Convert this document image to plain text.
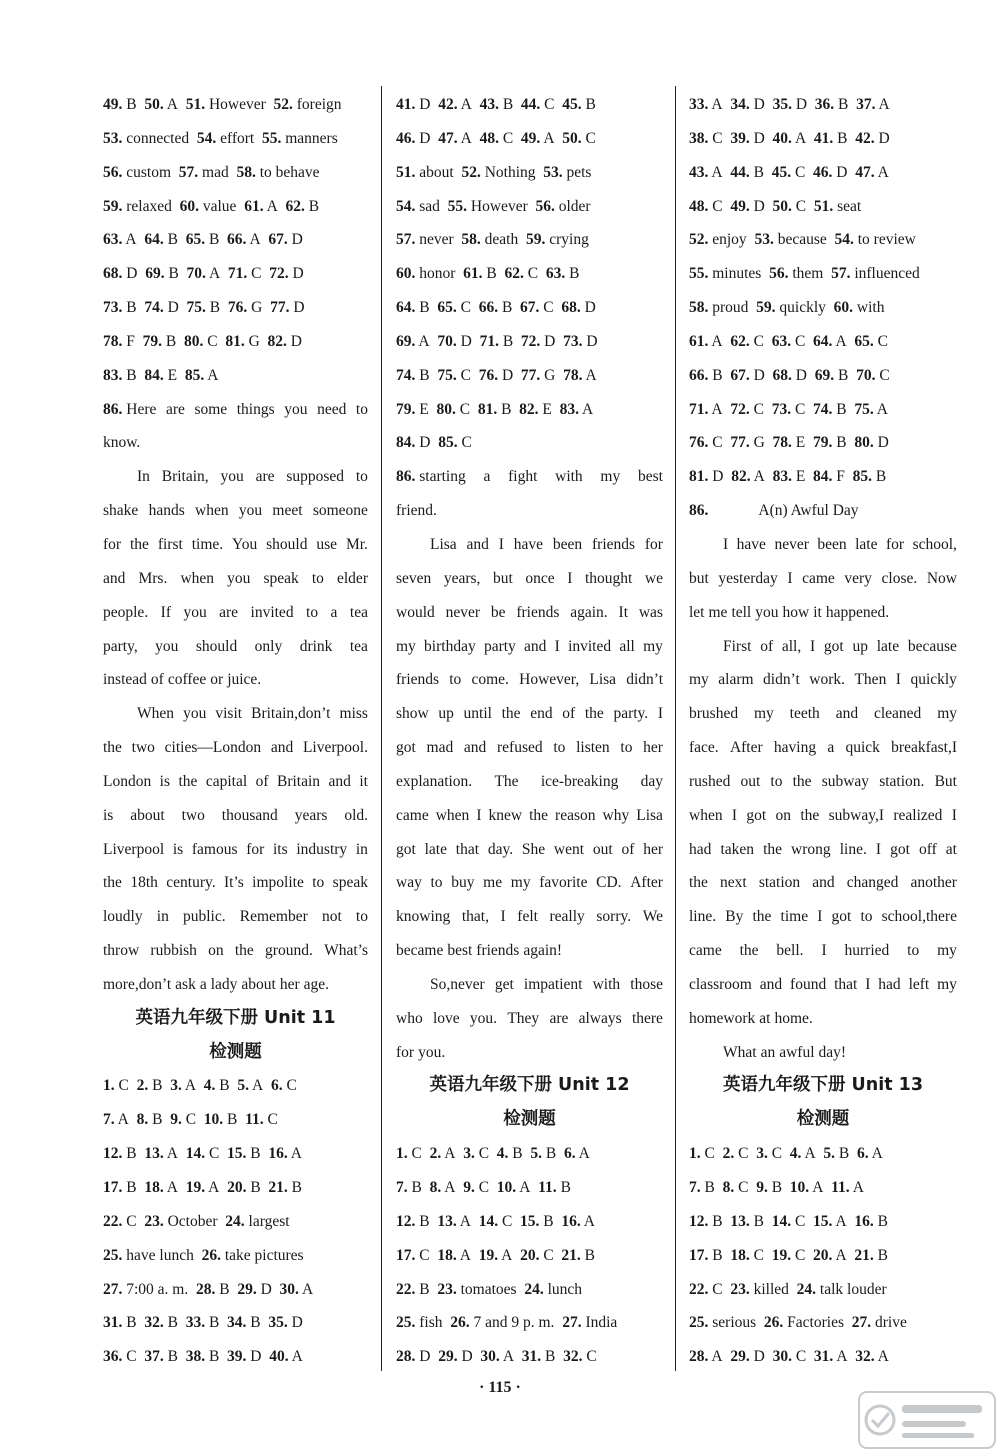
49. B 50. A 51. However 52. foreign
53. connected 54. effort 55. manners
56. custom 57. mad 58. to behave
59. relaxed 60. value 61. A 62. B
63. A 64. B 65. B 66. A 67. D
68. D 69. B 70. A 71. C 72. D
73. B 74. D 75. B 76. G 77. D
78. F 79. B 80. C 81. G 82. D
83. B 84. E 85. A
86. Here are some things you need to
know.
In Britain, you are supposed to
shake hands when you meet someone
for the first time. You should use Mr.
and Mrs. when you speak to elder
people. If you are invited to a tea
party, you should only drink tea
instead of coffee or juice.
When you visit Britain,don’t miss
the two cities—London and Liverpool.
London is the capital of Britain and it
is about two thousand years old.
Liverpool is famous for its industry in
the 18th century. It’s impolite to speak
loudly in public. Remember not to
throw rubbish on the ground. What’s
more,don’t ask a lady about her age.
英语九年级下册 Unit 11
检测题
1. C 2. B 3. A 4. B 5. A 6. C
7. A 8. B 9. C 10. B 11. C
12. B 13. A 14. C 15. B 16. A
17. B 18. A 19. A 20. B 21. B
22. C 23. October 24. largest
25. have lunch 26. take pictures
27. 7:00 a. m. 28. B 29. D 30. A
31. B 32. B 33. B 34. B 35. D
36. C 37. B 38. B 39. D 40. A
41. D 42. A 43. B 44. C 45. B
46. D 47. A 48. C 49. A 50. C
51. about 52. Nothing 53. pets
54. sad 55. However 56. older
57. never 58. death 59. crying
60. honor 61. B 62. C 63. B
64. B 65. C 66. B 67. C 68. D
69. A 70. D 71. B 72. D 73. D
74. B 75. C 76. D 77. G 78. A
79. E 80. C 81. B 82. E 83. A
84. D 85. C
86. starting a fight with my best
friend.
Lisa and I have been friends for
seven years, but once I thought we
would never be friends again. It was
my birthday party and I invited all my
friends to come. However, Lisa didn’t
show up until the end of the party. I
got mad and refused to listen to her
explanation. The ice-breaking day
came when I knew the reason why Lisa
got late that day. She went out of her
way to buy me my favorite CD. After
knowing that, I felt really sorry. We
became best friends again!
So,never get impatient with those
who love you. They are always there
for you.
英语九年级下册 Unit 12
检测题
1. C 2. A 3. C 4. B 5. B 6. A
7. B 8. A 9. C 10. A 11. B
12. B 13. A 14. C 15. B 16. A
17. C 18. A 19. A 20. C 21. B
22. B 23. tomatoes 24. lunch
25. fish 26. 7 and 9 p. m. 27. India
28. D 29. D 30. A 31. B 32. C
33. A 34. D 35. D 36. B 37. A
38. C 39. D 40. A 41. B 42. D
43. A 44. B 45. C 46. D 47. A
48. C 49. D 50. C 51. seat
52. enjoy 53. because 54. to review
55. minutes 56. them 57. influenced
58. proud 59. quickly 60. with
61. A 62. C 63. C 64. A 65. C
66. B 67. D 68. D 69. B 70. C
71. A 72. C 73. C 74. B 75. A
76. C 77. G 78. E 79. B 80. D
81. D 82. A 83. E 84. F 85. B
86.	A(n) Awful Day
I have never been late for school,
but yesterday I came very close. Now
let me tell you how it happened.
First of all, I got up late because
my alarm didn’t work. Then I quickly
brushed my teeth and cleaned my
face. After having a quick breakfast,I
rushed out to the subway station. But
when I got on the subway,I realized I
had taken the wrong line. I got off at
the next station and changed another
line. By the time I got to school,there
came the bell. I hurried to my
classroom and found that I had left my
homework at home.
What an awful day!
英语九年级下册 Unit 13
检测题
1. C 2. C 3. C 4. A 5. B 6. A
7. B 8. C 9. B 10. A 11. A
12. B 13. B 14. C 15. A 16. B
17. B 18. C 19. C 20. A 21. B
22. C 23. killed 24. talk louder
25. serious 26. Factories 27. drive
28. A 29. D 30. C 31. A 32. A
· 115 ·
